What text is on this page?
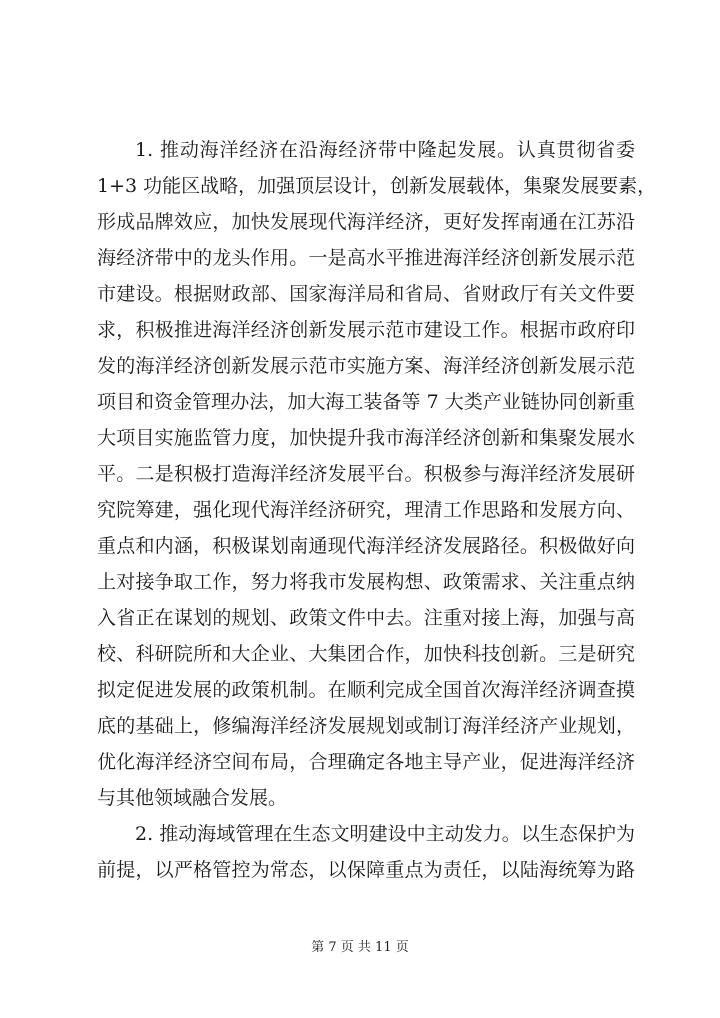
1. 推动海洋经济在沿海经济带中隆起发展。认真贯彻省委
1+3 功能区战略，加强顶层设计，创新发展载体，集聚发展要素，
形成品牌效应，加快发展现代海洋经济，更好发挥南通在江苏沿
海经济带中的龙头作用。一是高水平推进海洋经济创新发展示范
市建设。根据财政部、国家海洋局和省局、省财政厅有关文件要
求，积极推进海洋经济创新发展示范市建设工作。根据市政府印
发的海洋经济创新发展示范市实施方案、海洋经济创新发展示范
项目和资金管理办法，加大海工装备等 7 大类产业链协同创新重
大项目实施监管力度，加快提升我市海洋经济创新和集聚发展水
平。二是积极打造海洋经济发展平台。积极参与海洋经济发展研
究院筹建，强化现代海洋经济研究，理清工作思路和发展方向、
重点和内涵，积极谋划南通现代海洋经济发展路径。积极做好向
上对接争取工作，努力将我市发展构想、政策需求、关注重点纳
入省正在谋划的规划、政策文件中去。注重对接上海，加强与高
校、科研院所和大企业、大集团合作，加快科技创新。三是研究
拟定促进发展的政策机制。在顺利完成全国首次海洋经济调查摸
底的基础上，修编海洋经济发展规划或制订海洋经济产业规划，
优化海洋经济空间布局，合理确定各地主导产业，促进海洋经济
与其他领域融合发展。
2. 推动海域管理在生态文明建设中主动发力。以生态保护为
前提，以严格管控为常态，以保障重点为责任，以陆海统筹为路
第 7 页 共 11 页
